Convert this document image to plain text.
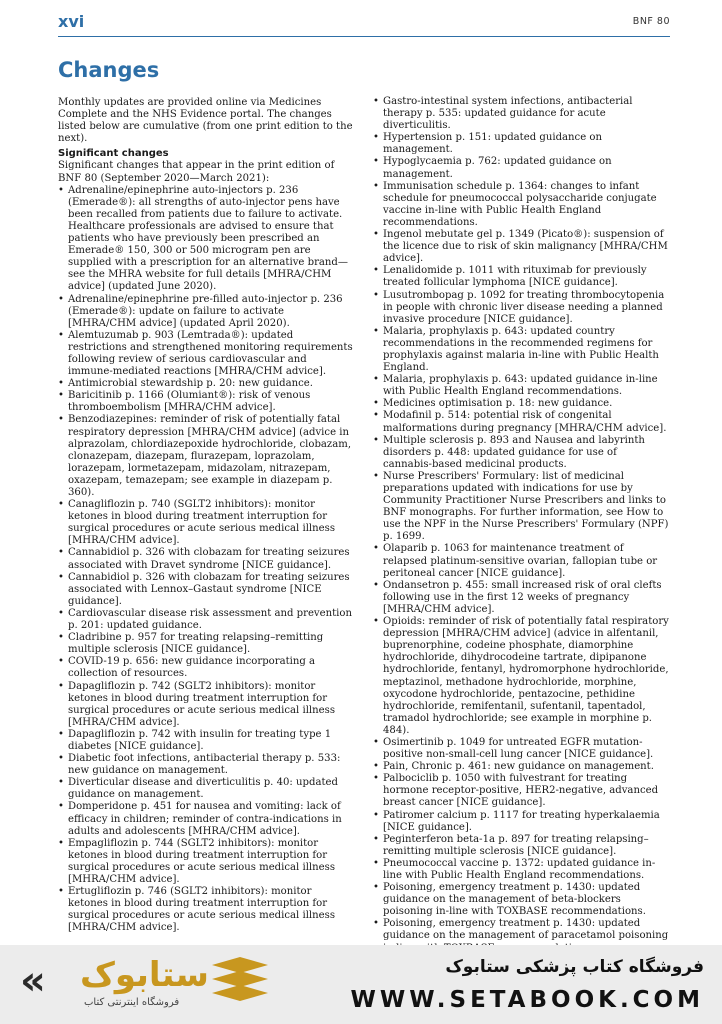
xvi	BNF 80
Changes

Monthly updates are provided online via Medicines Complete and the NHS Evidence portal. The changes listed below are cumulative (from one print edition to the next).

Significant changes

Significant changes that appear in the print edition of BNF 80 (September 2020—March 2021):

• Adrenaline/epinephrine auto-injectors p. 236 (Emerade®): all strengths of auto-injector pens have been recalled from patients due to failure to activate. Healthcare professionals are advised to ensure that patients who have previously been prescribed an Emerade® 150, 300 or 500 microgram pen are supplied with a prescription for an alternative brand—see the MHRA website for full details [MHRA/CHM advice] (updated June 2020).
• Adrenaline/epinephrine pre-filled auto-injector p. 236 (Emerade®): update on failure to activate [MHRA/CHM advice] (updated April 2020).
• Alemtuzumab p. 903 (Lemtrada®): updated restrictions and strengthened monitoring requirements following review of serious cardiovascular and immune-mediated reactions [MHRA/CHM advice].
• Antimicrobial stewardship p. 20: new guidance.
• Baricitinib p. 1166 (Olumiant®): risk of venous thromboembolism [MHRA/CHM advice].
• Benzodiazepines: reminder of risk of potentially fatal respiratory depression [MHRA/CHM advice] (advice in alprazolam, chlordiazepoxide hydrochloride, clobazam, clonazepam, diazepam, flurazepam, loprazolam, lorazepam, lormetazepam, midazolam, nitrazepam, oxazepam, temazepam; see example in diazepam p. 360).
• Canagliflozin p. 740 (SGLT2 inhibitors): monitor ketones in blood during treatment interruption for surgical procedures or acute serious medical illness [MHRA/CHM advice].
• Cannabidiol p. 326 with clobazam for treating seizures associated with Dravet syndrome [NICE guidance].
• Cannabidiol p. 326 with clobazam for treating seizures associated with Lennox–Gastaut syndrome [NICE guidance].
• Cardiovascular disease risk assessment and prevention p. 201: updated guidance.
• Cladribine p. 957 for treating relapsing–remitting multiple sclerosis [NICE guidance].
• COVID-19 p. 656: new guidance incorporating a collection of resources.
• Dapagliflozin p. 742 (SGLT2 inhibitors): monitor ketones in blood during treatment interruption for surgical procedures or acute serious medical illness [MHRA/CHM advice].
• Dapagliflozin p. 742 with insulin for treating type 1 diabetes [NICE guidance].
• Diabetic foot infections, antibacterial therapy p. 533: new guidance on management.
• Diverticular disease and diverticulitis p. 40: updated guidance on management.
• Domperidone p. 451 for nausea and vomiting: lack of efficacy in children; reminder of contra-indications in adults and adolescents [MHRA/CHM advice].
• Empagliflozin p. 744 (SGLT2 inhibitors): monitor ketones in blood during treatment interruption for surgical procedures or acute serious medical illness [MHRA/CHM advice].
• Ertugliflozin p. 746 (SGLT2 inhibitors): monitor ketones in blood during treatment interruption for surgical procedures or acute serious medical illness [MHRA/CHM advice].
• Gastro-intestinal system infections, antibacterial therapy p. 535: updated guidance for acute diverticulitis.
• Hypertension p. 151: updated guidance on management.
• Hypoglycaemia p. 762: updated guidance on management.
• Immunisation schedule p. 1364: changes to infant schedule for pneumococcal polysaccharide conjugate vaccine in-line with Public Health England recommendations.
• Ingenol mebutate gel p. 1349 (Picato®): suspension of the licence due to risk of skin malignancy [MHRA/CHM advice].
• Lenalidomide p. 1011 with rituximab for previously treated follicular lymphoma [NICE guidance].
• Lusutrombopag p. 1092 for treating thrombocytopenia in people with chronic liver disease needing a planned invasive procedure [NICE guidance].
• Malaria, prophylaxis p. 643: updated country recommendations in the recommended regimens for prophylaxis against malaria in-line with Public Health England.
• Malaria, prophylaxis p. 643: updated guidance in-line with Public Health England recommendations.
• Medicines optimisation p. 18: new guidance.
• Modafinil p. 514: potential risk of congenital malformations during pregnancy [MHRA/CHM advice].
• Multiple sclerosis p. 893 and Nausea and labyrinth disorders p. 448: updated guidance for use of cannabis-based medicinal products.
• Nurse Prescribers' Formulary: list of medicinal preparations updated with indications for use by Community Practitioner Nurse Prescribers and links to BNF monographs. For further information, see How to use the NPF in the Nurse Prescribers' Formulary (NPF) p. 1699.
• Olaparib p. 1063 for maintenance treatment of relapsed platinum-sensitive ovarian, fallopian tube or peritoneal cancer [NICE guidance].
• Ondansetron p. 455: small increased risk of oral clefts following use in the first 12 weeks of pregnancy [MHRA/CHM advice].
• Opioids: reminder of risk of potentially fatal respiratory depression [MHRA/CHM advice] (advice in alfentanil, buprenorphine, codeine phosphate, diamorphine hydrochloride, dihydrocodeine tartrate, dipipanone hydrochloride, fentanyl, hydromorphone hydrochloride, meptazinol, methadone hydrochloride, morphine, oxycodone hydrochloride, pentazocine, pethidine hydrochloride, remifentanil, sufentanil, tapentadol, tramadol hydrochloride; see example in morphine p. 484).
• Osimertinib p. 1049 for untreated EGFR mutation-positive non-small-cell lung cancer [NICE guidance].
• Pain, Chronic p. 461: new guidance on management.
• Palbociclib p. 1050 with fulvestrant for treating hormone receptor-positive, HER2-negative, advanced breast cancer [NICE guidance].
• Patiromer calcium p. 1117 for treating hyperkalaemia [NICE guidance].
• Peginterferon beta-1a p. 897 for treating relapsing–remitting multiple sclerosis [NICE guidance].
• Pneumococcal vaccine p. 1372: updated guidance in-line with Public Health England recommendations.
• Poisoning, emergency treatment p. 1430: updated guidance on the management of beta-blockers poisoning in-line with TOXBASE recommendations.
• Poisoning, emergency treatment p. 1430: updated guidance on the management of paracetamol poisoning
« ستابوک
فروشگاه اینترنتی کتاب
فروشگاه کتاب پزشکی ستابوک
WWW.SETABOOK.COM
